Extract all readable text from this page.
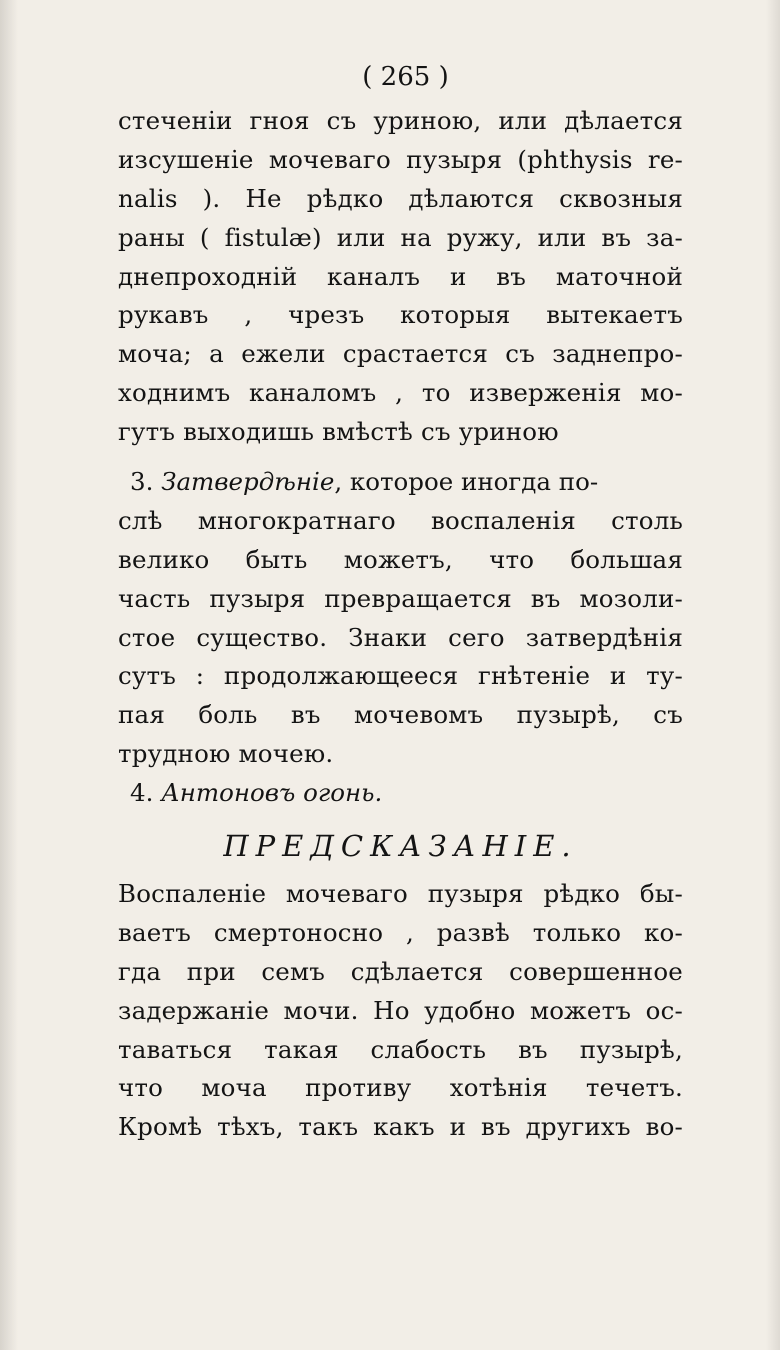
( 265 )
стеченіи гноя съ уриною, или дѣлается
изсушеніе мочеваго пузыря (phthysis re-
nalis ). Не рѣдко дѣлаются сквозныя
раны ( fistulæ) или на ружу, или въ за-
днепроходній каналъ и въ маточной
рукавъ , чрезъ которыя вытекаетъ
моча; а ежели срастается съ заднепро-
ходнимъ каналомъ , то изверженія мо-
гутъ выходишь вмѣстѣ съ уриною
3. Затвердѣніе, которое иногда по-
слѣ многократнаго воспаленія столь
велико быть можетъ, что большая
часть пузыря превращается въ мозоли-
стое существо. Знаки сего затвердѣнія
сутъ : продолжающееся гнѣтеніе и ту-
пая боль въ мочевомъ пузырѣ, съ
трудною мочею.
4. Антоновъ огонь.
ПРЕДСКАЗАНІЕ.
Воспаленіе мочеваго пузыря рѣдко бы-
ваетъ смертоносно , развѣ только ко-
гда при семъ сдѣлается совершенное
задержаніе мочи. Но удобно можетъ ос-
таваться такая слабость въ пузырѣ,
что моча противу хотѣнія течетъ.
Кромѣ тѣхъ, такъ какъ и въ другихъ во-
